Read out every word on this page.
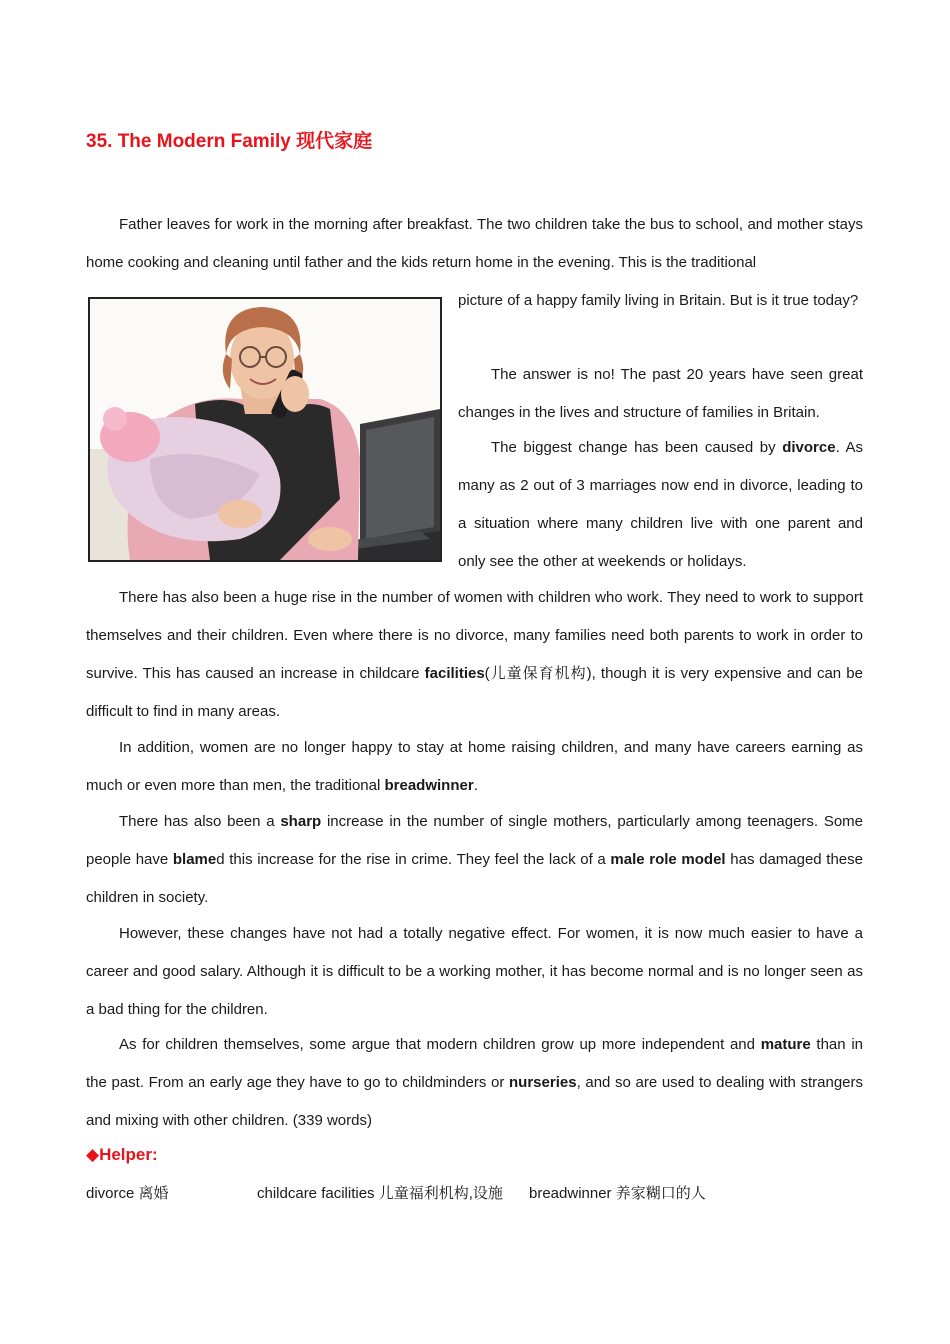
35. The Modern Family 现代家庭

Father leaves for work in the morning after breakfast. The two children take the bus to school, and mother stays home cooking and cleaning until father and the kids return home in the evening. This is the traditional

picture of a happy family living in Britain. But is it true today?

The answer is no! The past 20 years have seen great changes in the lives and structure of families in Britain.

The biggest change has been caused by divorce. As many as 2 out of 3 marriages now end in divorce, leading to a situation where many children live with one parent and only see the other at weekends or holidays.

There has also been a huge rise in the number of women with children who work. They need to work to support themselves and their children. Even where there is no divorce, many families need both parents to work in order to survive. This has caused an increase in childcare facilities(儿童保育机构), though it is very expensive and can be difficult to find in many areas.

In addition, women are no longer happy to stay at home raising children, and many have careers earning as much or even more than men, the traditional breadwinner.

There has also been a sharp increase in the number of single mothers, particularly among teenagers. Some people have blamed this increase for the rise in crime. They feel the lack of a male role model has damaged these children in society.

However, these changes have not had a totally negative effect. For women, it is now much easier to have a career and good salary. Although it is difficult to be a working mother, it has become normal and is no longer seen as a bad thing for the children.

As for children themselves, some argue that modern children grow up more independent and mature than in the past. From an early age they have to go to childminders or nurseries, and so are used to dealing with strangers and mixing with other children. (339 words)

◆Helper:
divorce 离婚	childcare facilities 儿童福利机构,设施 breadwinner 养家糊口的人
